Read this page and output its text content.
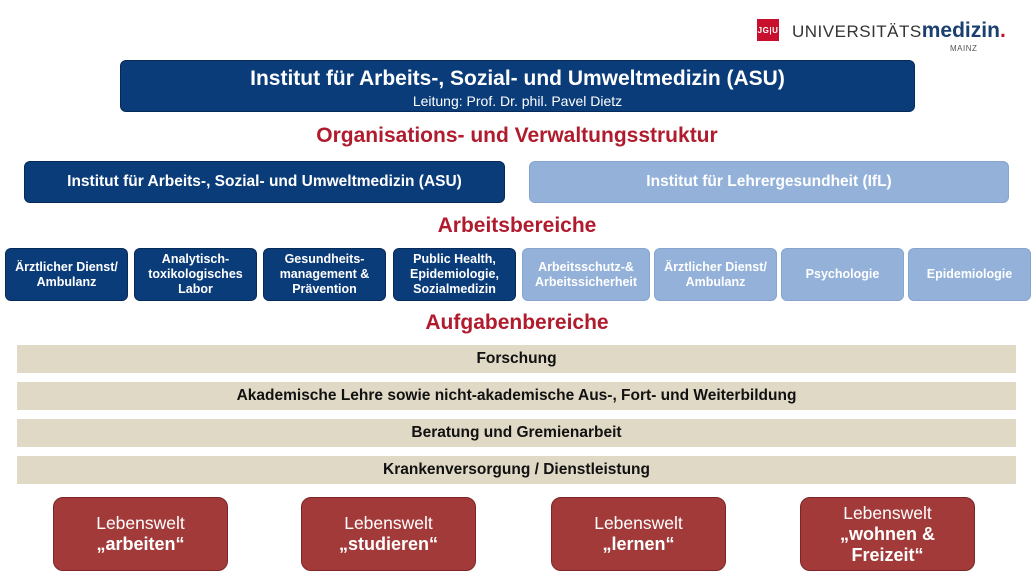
JG|U UNIVERSITÄTSmedizin.
MAINZ
Institut für Arbeits-, Sozial- und Umweltmedizin (ASU)
Leitung: Prof. Dr. phil. Pavel Dietz
Organisations- und Verwaltungsstruktur
Institut für Arbeits-, Sozial- und Umweltmedizin (ASU)	Institut für Lehrergesundheit (IfL)
Arbeitsbereiche
Ärztlicher Dienst/ Ambulanz
Analytisch-toxikologisches Labor
Gesundheits-management & Prävention
Public Health, Epidemiologie, Sozialmedizin
Arbeitsschutz-& Arbeitssicherheit
Ärztlicher Dienst/ Ambulanz
Psychologie	Epidemiologie
Aufgabenbereiche
Forschung
Akademische Lehre sowie nicht-akademische Aus-, Fort- und Weiterbildung
Beratung und Gremienarbeit
Krankenversorgung / Dienstleistung
Lebenswelt
„arbeiten“
Lebenswelt
„studieren“
Lebenswelt
„lernen“
Lebenswelt
„wohnen & Freizeit“
